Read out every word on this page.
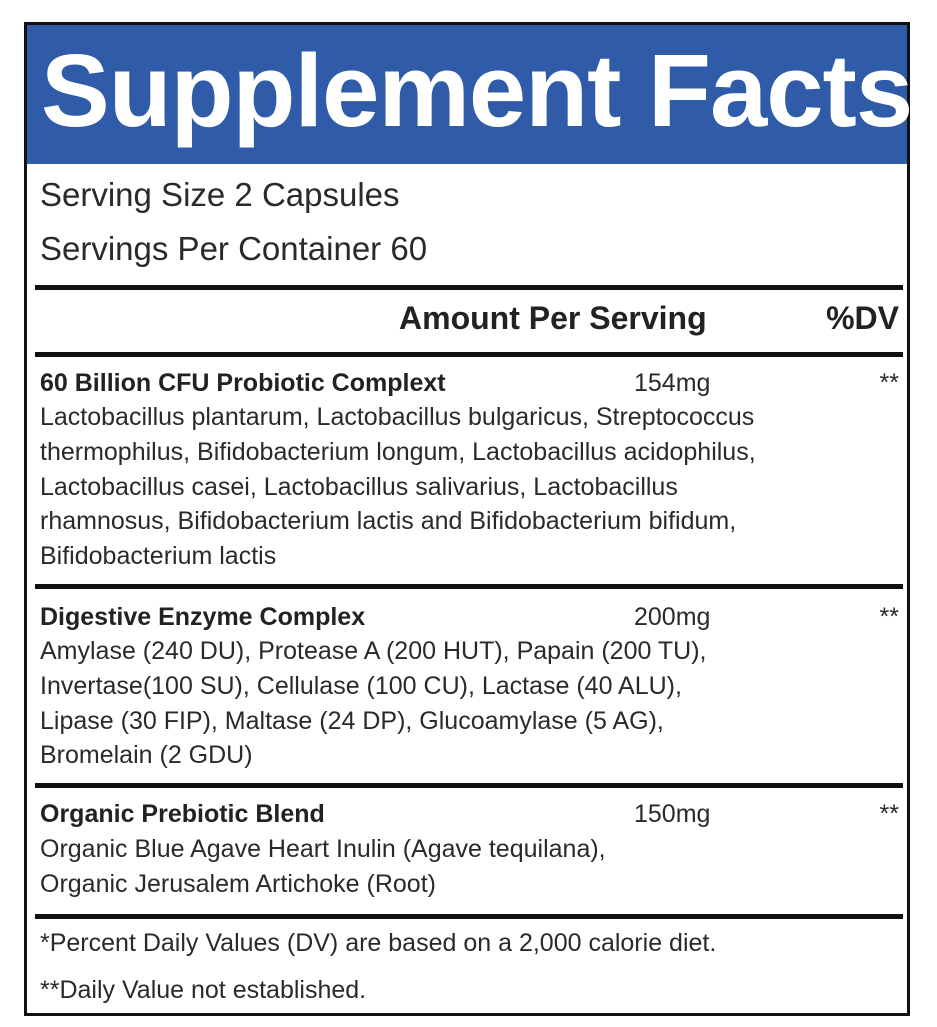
Supplement Facts
Serving Size 2 Capsules
Servings Per Container 60
Amount Per Serving	%DV
60 Billion CFU Probiotic Complext	154mg	**
Lactobacillus plantarum, Lactobacillus bulgaricus, Streptococcus
thermophilus, Bifidobacterium longum, Lactobacillus acidophilus,
Lactobacillus casei, Lactobacillus salivarius, Lactobacillus
rhamnosus, Bifidobacterium lactis and Bifidobacterium bifidum,
Bifidobacterium lactis
Digestive Enzyme Complex	200mg	**
Amylase (240 DU), Protease A (200 HUT), Papain (200 TU),
Invertase(100 SU), Cellulase (100 CU), Lactase (40 ALU),
Lipase (30 FIP), Maltase (24 DP), Glucoamylase (5 AG),
Bromelain (2 GDU)
Organic Prebiotic Blend	150mg	**
Organic Blue Agave Heart Inulin (Agave tequilana),
Organic Jerusalem Artichoke (Root)
*Percent Daily Values (DV) are based on a 2,000 calorie diet.
**Daily Value not established.
